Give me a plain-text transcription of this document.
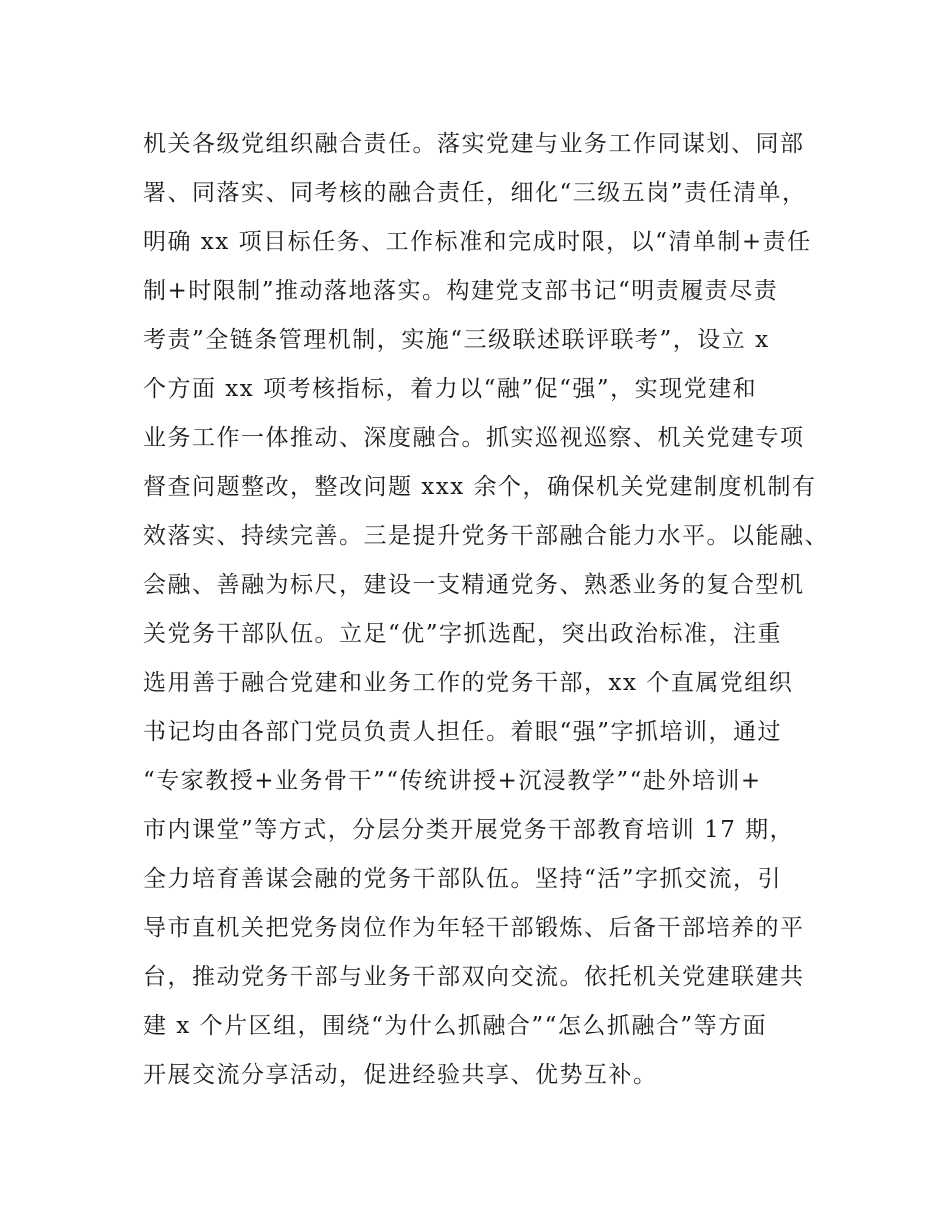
机关各级党组织融合责任。落实党建与业务工作同谋划、同部
署、同落实、同考核的融合责任，细化“三级五岗”责任清单，
明确 xx 项目标任务、工作标准和完成时限，以“清单制+责任
制+时限制”推动落地落实。构建党支部书记“明责履责尽责
考责”全链条管理机制，实施“三级联述联评联考”，设立 x
个方面 xx 项考核指标，着力以“融”促“强”，实现党建和
业务工作一体推动、深度融合。抓实巡视巡察、机关党建专项
督查问题整改，整改问题 xxx 余个，确保机关党建制度机制有
效落实、持续完善。三是提升党务干部融合能力水平。以能融、
会融、善融为标尺，建设一支精通党务、熟悉业务的复合型机
关党务干部队伍。立足“优”字抓选配，突出政治标准，注重
选用善于融合党建和业务工作的党务干部，xx 个直属党组织
书记均由各部门党员负责人担任。着眼“强”字抓培训，通过
“专家教授+业务骨干”“传统讲授+沉浸教学”“赴外培训+
市内课堂”等方式，分层分类开展党务干部教育培训 17 期，
全力培育善谋会融的党务干部队伍。坚持“活”字抓交流，引
导市直机关把党务岗位作为年轻干部锻炼、后备干部培养的平
台，推动党务干部与业务干部双向交流。依托机关党建联建共
建 x 个片区组，围绕“为什么抓融合”“怎么抓融合”等方面
开展交流分享活动，促进经验共享、优势互补。
